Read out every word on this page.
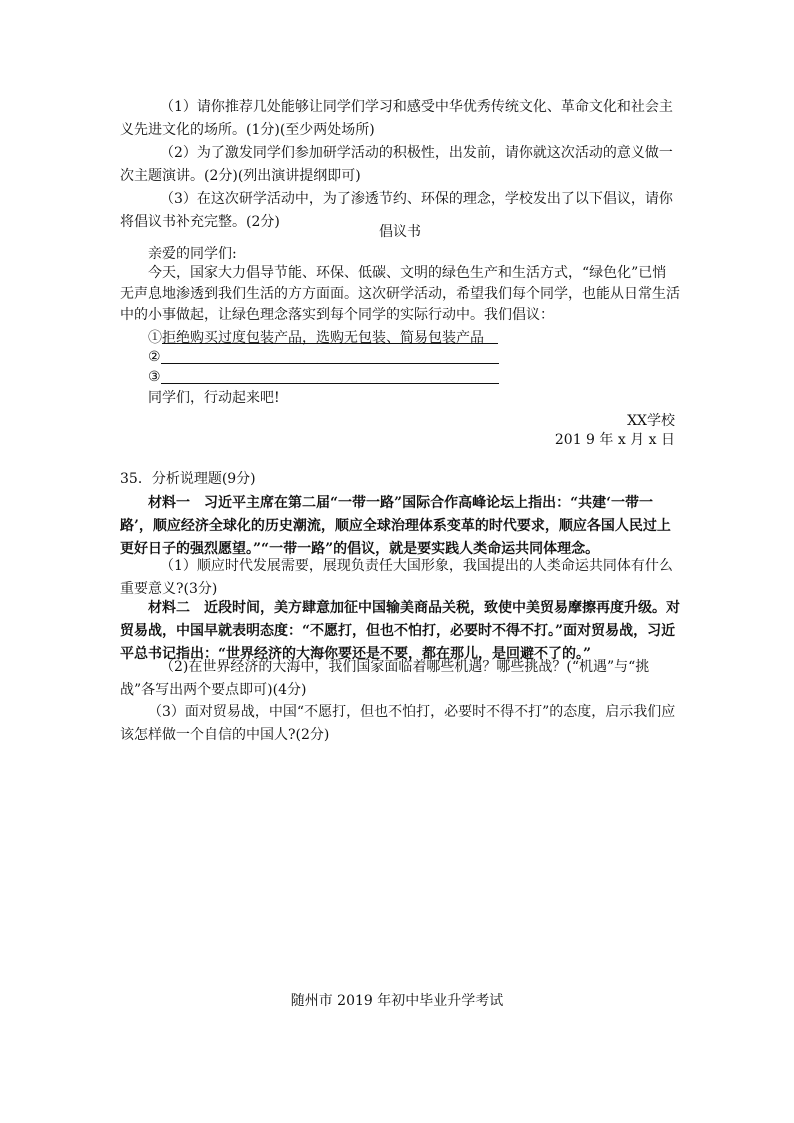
（1）请你推荐几处能够让同学们学习和感受中华优秀传统文化、革命文化和社会主义先进文化的场所。(1分)(至少两处场所)

（2）为了激发同学们参加研学活动的积极性，出发前，请你就这次活动的意义做一次主题演讲。(2分)(列出演讲提纲即可)

（3）在这次研学活动中，为了渗透节约、环保的理念，学校发出了以下倡议，请你将倡议书补充完整。(2分)

倡议书

亲爱的同学们:

今天，国家大力倡导节能、环保、低碳、文明的绿色生产和生活方式，“绿色化”已悄无声息地渗透到我们生活的方方面面。这次研学活动，希望我们每个同学，也能从日常生活中的小事做起，让绿色理念落实到每个同学的实际行动中。我们倡议：

①拒绝购买过度包装产品，选购无包装、简易包装产品 

②

③

同学们，行动起来吧!

XX学校

201 9 年 x 月 x 日

35．分析说理题(9分)

材料一　习近平主席在第二届“一带一路”国际合作高峰论坛上指出：“共建‘一带一路’，顺应经济全球化的历史潮流，顺应全球治理体系变革的时代要求，顺应各国人民过上更好日子的强烈愿望。”“一带一路”的倡议，就是要实践人类命运共同体理念。

（1）顺应时代发展需要，展现负责任大国形象，我国提出的人类命运共同体有什么重要意义?(3分)

材料二　近段时间，美方肆意加征中国输美商品关税，致使中美贸易摩擦再度升级。对贸易战，中国早就表明态度：“不愿打，但也不怕打，必要时不得不打。”面对贸易战，习近平总书记指出：“世界经济的大海你要还是不要，都在那儿，是回避不了的。”

（2)在世界经济的大海中，我们国家面临着哪些机遇？哪些挑战？(“机遇”与“挑战”各写出两个要点即可)(4分)

（3）面对贸易战，中国“不愿打，但也不怕打，必要时不得不打”的态度，启示我们应该怎样做一个自信的中国人?(2分)

随州市 2019 年初中毕业升学考试
